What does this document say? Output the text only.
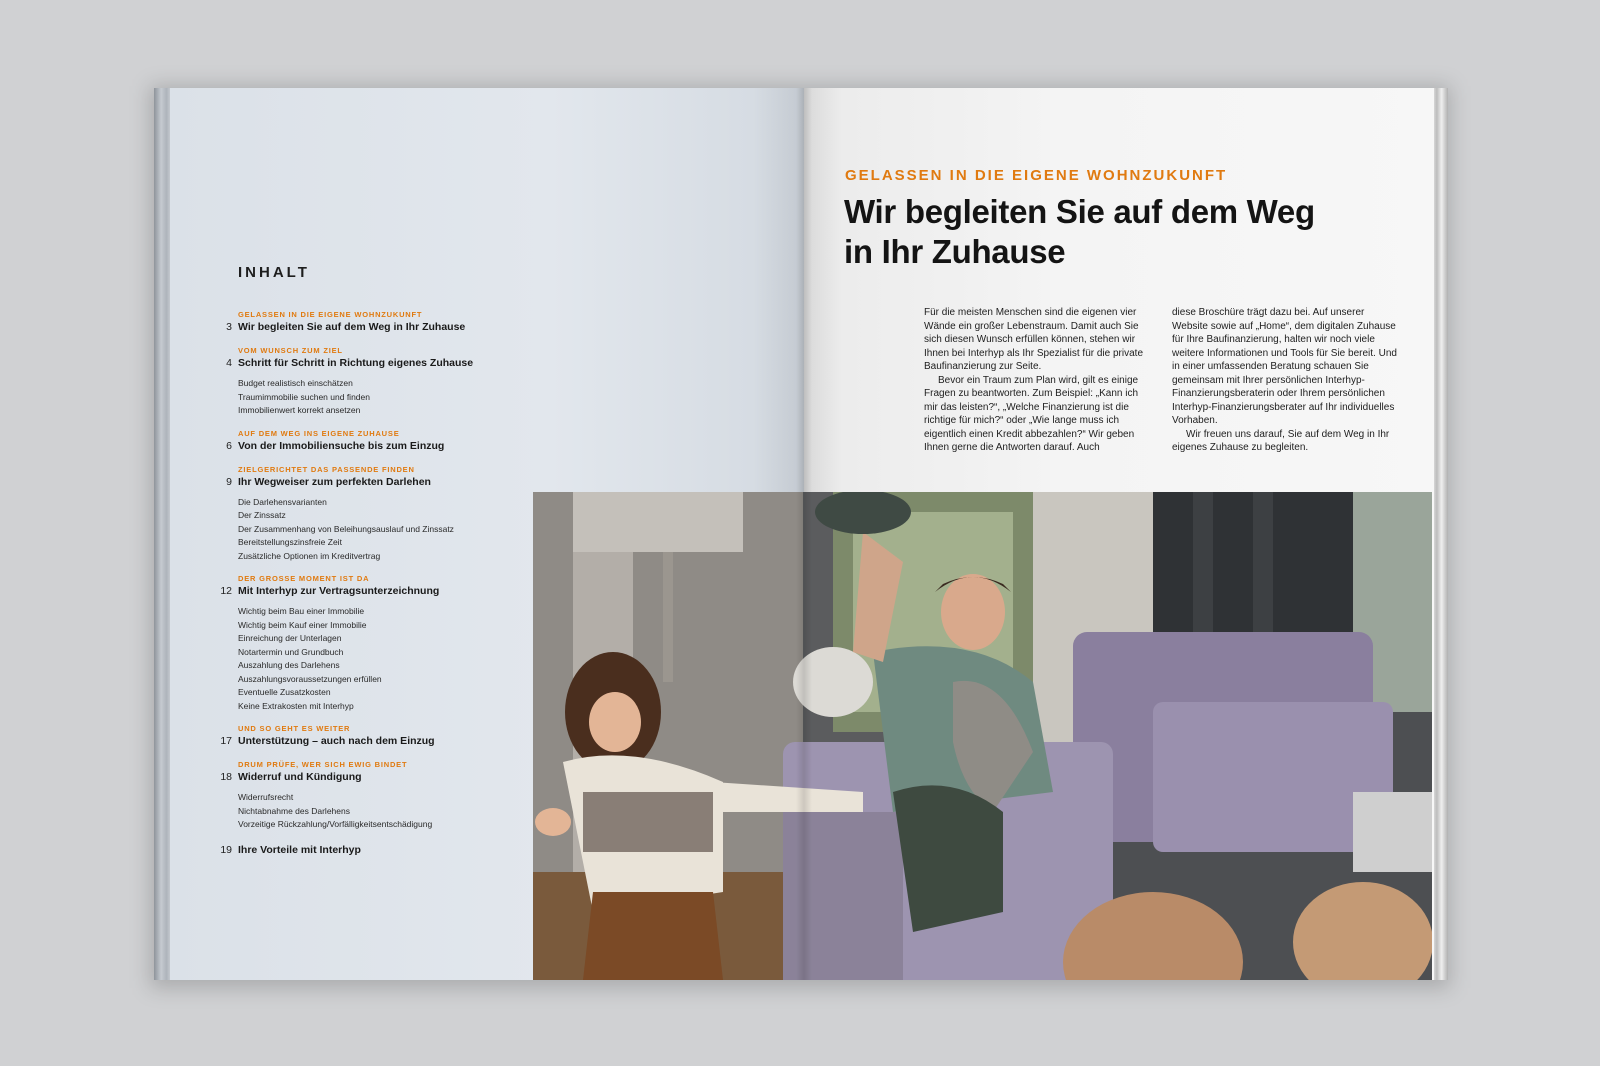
INHALT
GELASSEN IN DIE EIGENE WOHNZUKUNFT
3 Wir begleiten Sie auf dem Weg in Ihr Zuhause
VOM WUNSCH ZUM ZIEL
4 Schritt für Schritt in Richtung eigenes Zuhause
Budget realistisch einschätzen
Traumimmobilie suchen und finden
Immobilienwert korrekt ansetzen
AUF DEM WEG INS EIGENE ZUHAUSE
6 Von der Immobiliensuche bis zum Einzug
ZIELGERICHTET DAS PASSENDE FINDEN
9 Ihr Wegweiser zum perfekten Darlehen
Die Darlehensvarianten
Der Zinssatz
Der Zusammenhang von Beleihungsauslauf und Zinssatz
Bereitstellungszinsfreie Zeit
Zusätzliche Optionen im Kreditvertrag
DER GROSSE MOMENT IST DA
12 Mit Interhyp zur Vertragsunterzeichnung
Wichtig beim Bau einer Immobilie
Wichtig beim Kauf einer Immobilie
Einreichung der Unterlagen
Notartermin und Grundbuch
Auszahlung des Darlehens
Auszahlungsvoraussetzungen erfüllen
Eventuelle Zusatzkosten
Keine Extrakosten mit Interhyp
UND SO GEHT ES WEITER
17 Unterstützung – auch nach dem Einzug
DRUM PRÜFE, WER SICH EWIG BINDET
18 Widerruf und Kündigung
Widerrufsrecht
Nichtabnahme des Darlehens
Vorzeitige Rückzahlung/Vorfälligkeitsentschädigung
19 Ihre Vorteile mit Interhyp
GELASSEN IN DIE EIGENE WOHNZUKUNFT
Wir begleiten Sie auf dem Weg
in Ihr Zuhause

Für die meisten Menschen sind die eigenen vier Wände ein großer Lebenstraum. Damit auch Sie sich diesen Wunsch erfüllen können, stehen wir Ihnen bei Interhyp als Ihr Spezialist für die private Baufinanzierung zur Seite.

Bevor ein Traum zum Plan wird, gilt es einige Fragen zu beantworten. Zum Beispiel: „Kann ich mir das leisten?“, „Welche Finanzierung ist die richtige für mich?“ oder „Wie lange muss ich eigentlich einen Kredit abbezahlen?“ Wir geben Ihnen gerne die Antworten darauf. Auch

diese Broschüre trägt dazu bei. Auf unserer Website sowie auf „Home“, dem digitalen Zuhause für Ihre Baufinanzierung, halten wir noch viele weitere Informationen und Tools für Sie bereit. Und in einer umfassenden Beratung schauen Sie gemeinsam mit Ihrer persönlichen Interhyp-Finanzierungsberaterin oder Ihrem persönlichen Interhyp-Finanzierungsberater auf Ihr individuelles Vorhaben.

Wir freuen uns darauf, Sie auf dem Weg in Ihr eigenes Zuhause zu begleiten.
